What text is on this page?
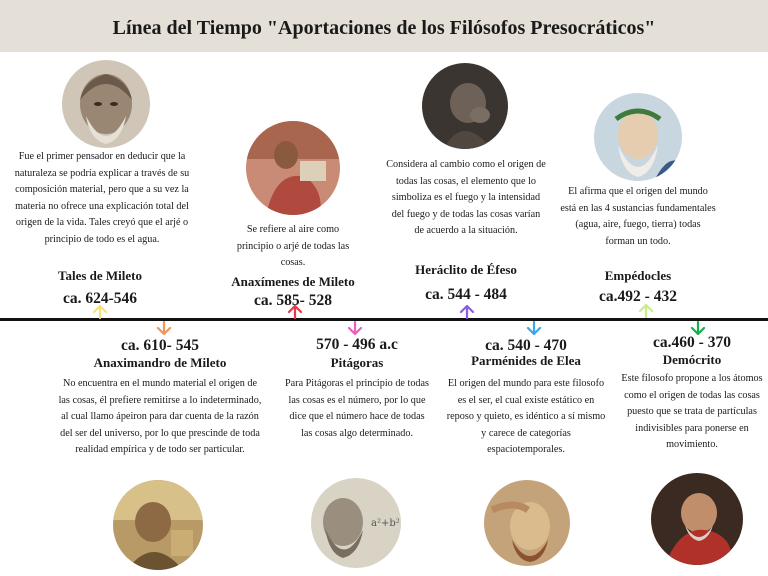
Línea del Tiempo "Aportaciones de los Filósofos Presocráticos"
Fue el primer pensador en deducir que la naturaleza se podría explicar a través de su composición material, pero que a su vez la materia no ofrece una explicación total del origen de la vida. Tales creyó que el arjé o principio de todo es el agua.
Tales de Mileto
ca. 624-546
ca. 610- 545
Anaximandro de Mileto
No encuentra en el mundo material el origen de las cosas, él prefiere remitirse a lo indeterminado, al cual llamo ápeiron para dar cuenta de la razón del ser del universo, por lo que prescinde de toda realidad empírica y de todo ser particular.
Se refiere al aire como principio o arjé de todas las cosas.
Anaxímenes de Mileto
ca. 585- 528
570 - 496 a.c
Pitágoras
Para Pitágoras el principio de todas las cosas es el número, por lo que dice que el número hace de todas las cosas algo determinado.
a²+b²
Considera al cambio como el origen de todas las cosas, el elemento que lo simboliza es el fuego y la intensidad del fuego y de todas las cosas varían de acuerdo a la situación.
Heráclito de Éfeso
ca. 544 - 484
ca. 540 - 470
Parménides de Elea
El origen del mundo para este filosofo es el ser, el cual existe estático en reposo y quieto, es idéntico a sí mismo y carece de categorías espaciotemporales.
El afirma que el origen del mundo está en las 4 sustancias fundamentales (agua, aire, fuego, tierra) todas forman un todo.
Empédocles
ca.492 - 432
ca.460 - 370
Demócrito
Este filosofo propone a los átomos como el origen de todas las cosas puesto que se trata de partículas indivisibles para ponerse en movimiento.
